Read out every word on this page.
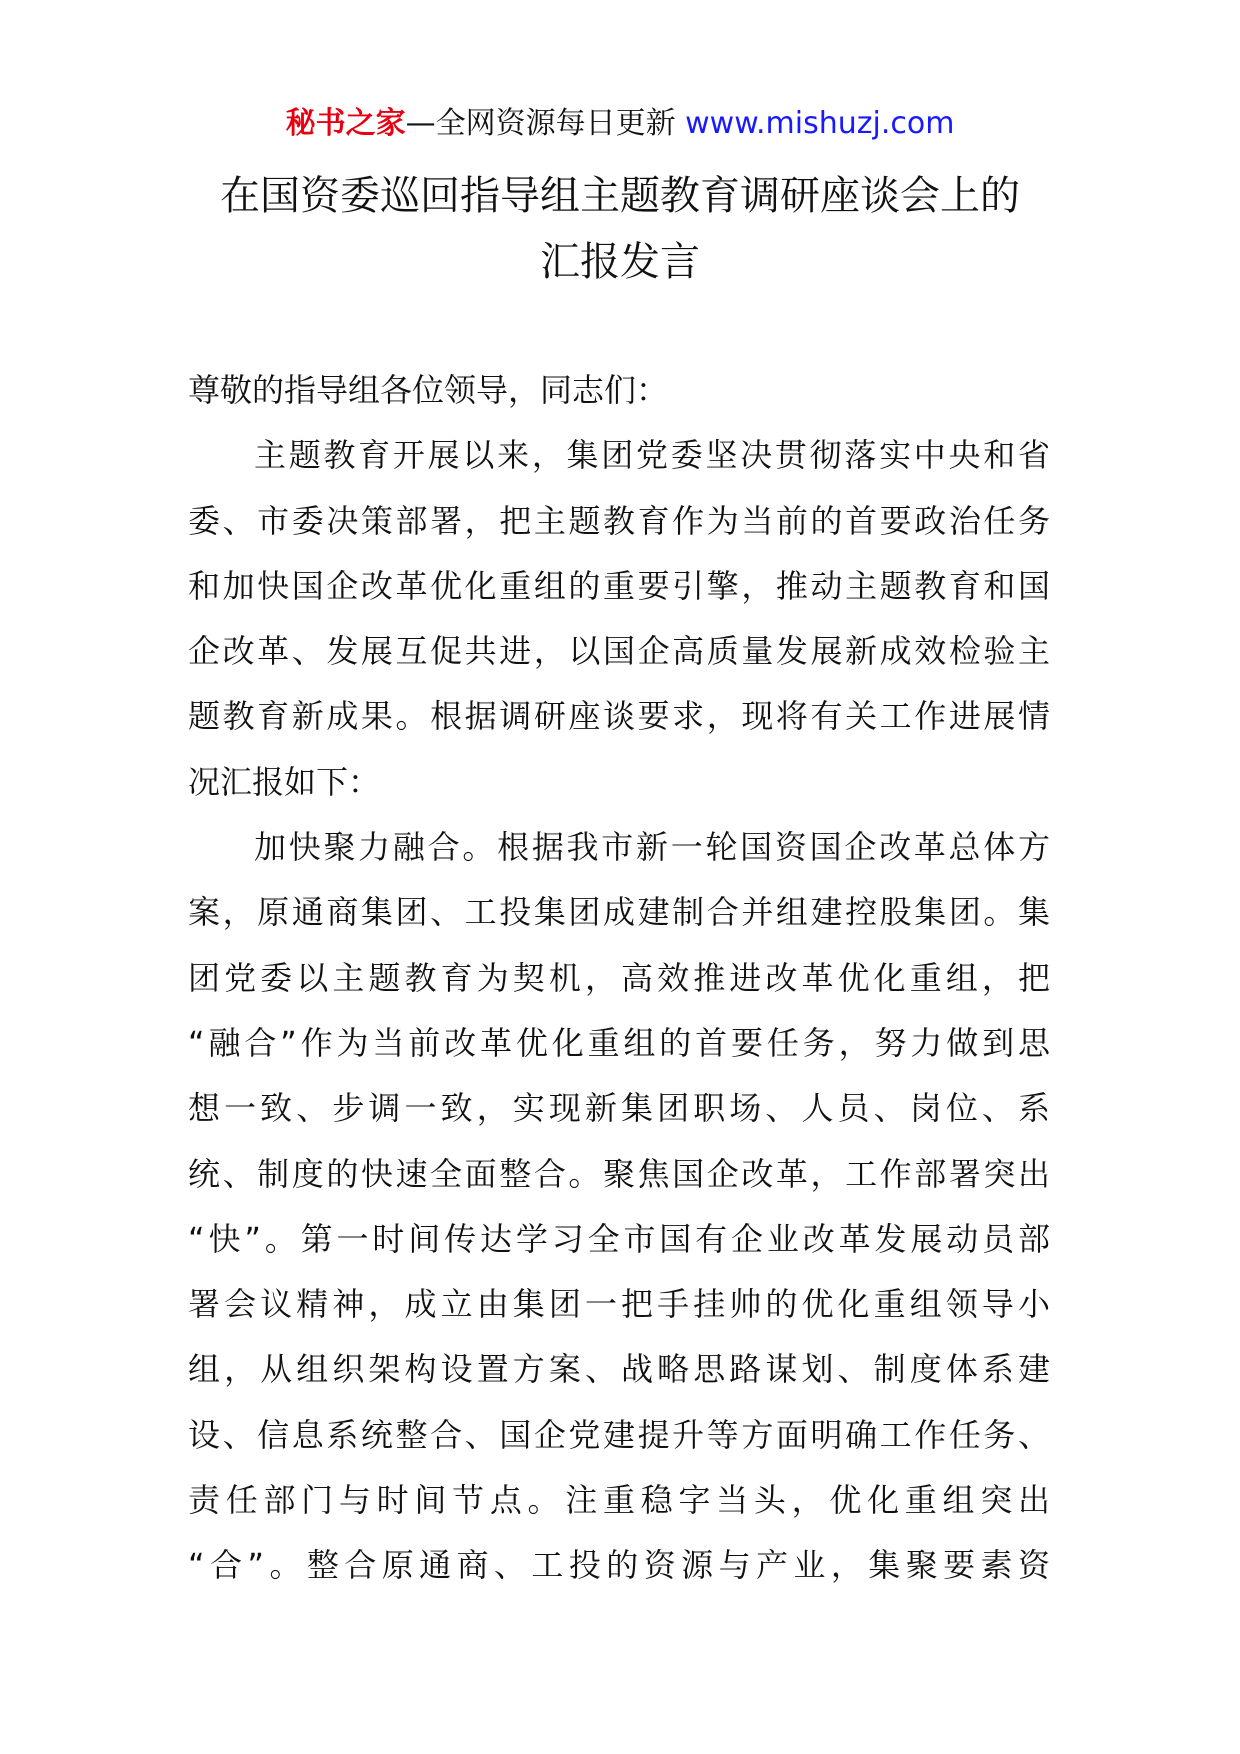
秘书之家—全网资源每日更新 www.mishuzj.com
在国资委巡回指导组主题教育调研座谈会上的
汇报发言
尊敬的指导组各位领导，同志们：
主题教育开展以来，集团党委坚决贯彻落实中央和省
委、市委决策部署，把主题教育作为当前的首要政治任务
和加快国企改革优化重组的重要引擎，推动主题教育和国
企改革、发展互促共进，以国企高质量发展新成效检验主
题教育新成果。根据调研座谈要求，现将有关工作进展情
况汇报如下：
加快聚力融合。根据我市新一轮国资国企改革总体方
案，原通商集团、工投集团成建制合并组建控股集团。集
团党委以主题教育为契机，高效推进改革优化重组，把
“融合”作为当前改革优化重组的首要任务，努力做到思
想一致、步调一致，实现新集团职场、人员、岗位、系
统、制度的快速全面整合。聚焦国企改革，工作部署突出
“快”。第一时间传达学习全市国有企业改革发展动员部
署会议精神，成立由集团一把手挂帅的优化重组领导小
组，从组织架构设置方案、战略思路谋划、制度体系建
设、信息系统整合、国企党建提升等方面明确工作任务、
责任部门与时间节点。注重稳字当头，优化重组突出
“合”。整合原通商、工投的资源与产业，集聚要素资
